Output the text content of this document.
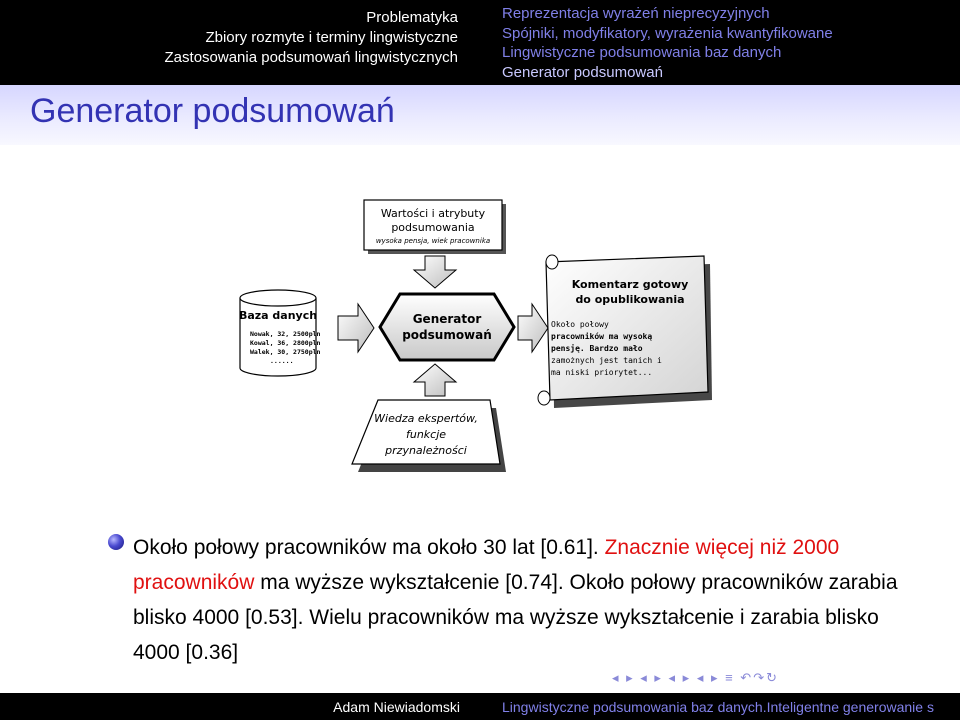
Problematyka
Zbiory rozmyte i terminy lingwistyczne
Zastosowania podsumowań lingwistycznych
Reprezentacja wyrażeń nieprecyzyjnych
Spójniki, modyfikatory, wyrażenia kwantyfikowane
Lingwistyczne podsumowania baz danych
Generator podsumowań
Generator podsumowań
Wartości i atrybuty
podsumowania
wysoka pensja, wiek pracownika
Baza danych
Nowak, 32, 2500pln
Kowal, 36, 2800pln
Walek, 30, 2750pln
......
Generator
podsumowań
Komentarz gotowy
do opublikowania
Około połowy
pracowników ma wysoką
pensję. Bardzo mało
zamożnych jest tanich i
ma niski priorytet...
Wiedza ekspertów,
funkcje
przynależności
Około połowy pracowników ma około 30 lat [0.61]. Znacznie więcej niż 2000 pracowników ma wyższe wykształcenie [0.74]. Około połowy pracowników zarabia blisko 4000 [0.53]. Wielu pracowników ma wyższe wykształcenie i zarabia blisko 4000 [0.36]
◂ ▸ ◂ ▸ ◂ ▸ ◂ ▸ ≡ ↶↷↻
Adam Niewiadomski	Lingwistyczne podsumowania baz danych.Inteligentne generowanie s
